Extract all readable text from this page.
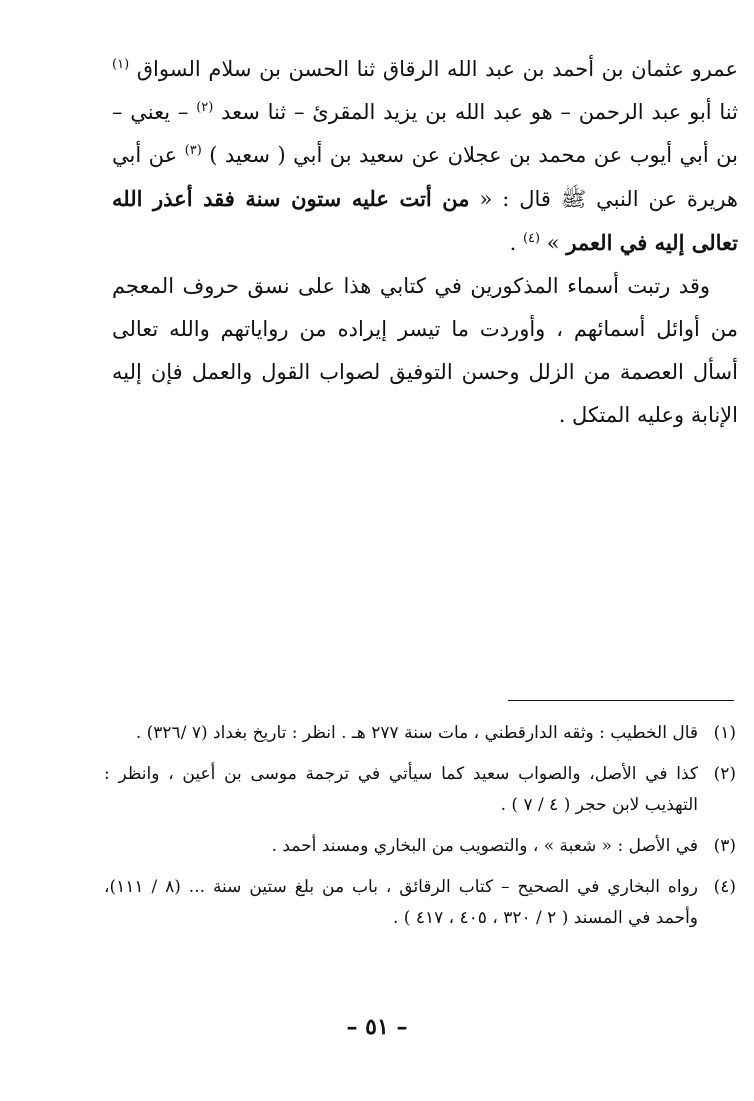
عمرو عثمان بن أحمد بن عبد الله الرقاق ثنا الحسن بن سلام السواق $^{(١)}$ ثنا أبو عبد الرحمن – هو عبد الله بن يزيد المقرئ – ثنا سعد $^{(٢)}$ – يعني – بن أبي أيوب عن محمد بن عجلان عن سعيد بن أبي ( سعيد ) $^{(٣)}$ عن أبي هريرة عن النبي ﷺ قال : « من أتت عليه ستون سنة فقد أعذر الله تعالى إليه في العمر » $^{(٤)}$ .

وقد رتبت أسماء المذكورين في كتابي هذا على نسق حروف المعجم من أوائل أسمائهم ، وأوردت ما تيسر إيراده من رواياتهم والله تعالى أسأل العصمة من الزلل وحسن التوفيق لصواب القول والعمل فإن إليه الإنابة وعليه المتكل .

(١)
قال الخطيب : وثقه الدارقطني ، مات سنة ٢٧٧ هـ . انظر : تاريخ بغداد (٧ /٣٢٦) .
(٢)
كذا في الأصل، والصواب سعيد كما سيأتي في ترجمة موسى بن أعين ، وانظر : التهذيب لابن حجر ( ٤ / ٧ ) .
(٣)
في الأصل : « شعبة » ، والتصويب من البخاري ومسند أحمد .
(٤)
رواه البخاري في الصحيح – كتاب الرقائق ، باب من بلغ ستين سنة ... (٨ / ١١١)، وأحمد في المسند ( ٢ / ٣٢٠ ، ٤٠٥ ، ٤١٧ ) .
– ٥١ –
